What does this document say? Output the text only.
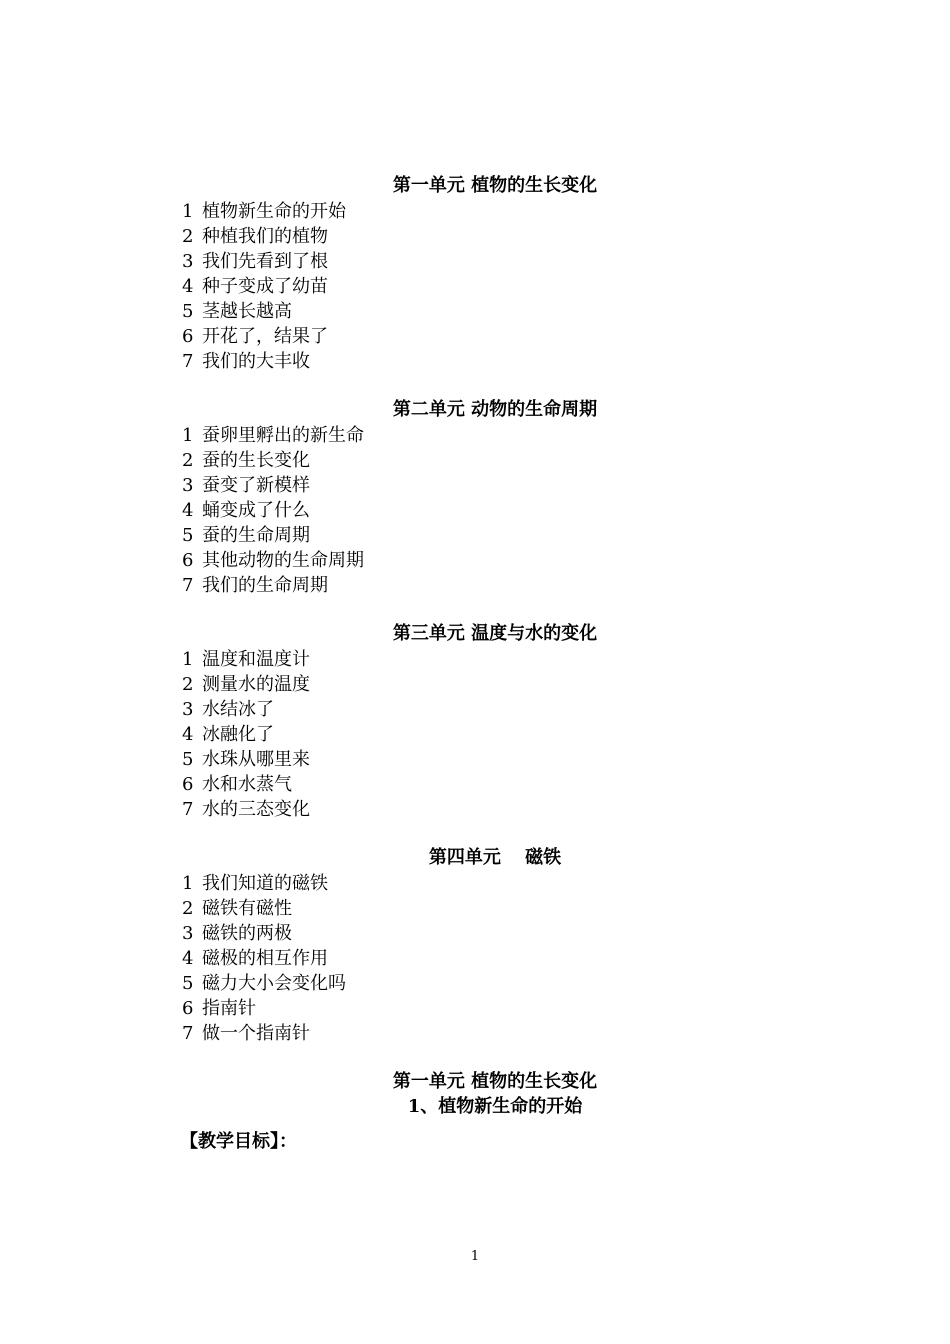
第一单元 植物的生长变化
1 植物新生命的开始
2 种植我们的植物
3 我们先看到了根
4 种子变成了幼苗
5 茎越长越高
6 开花了，结果了
7 我们的大丰收
第二单元 动物的生命周期
1 蚕卵里孵出的新生命
2 蚕的生长变化
3 蚕变了新模样
4 蛹变成了什么
5 蚕的生命周期
6 其他动物的生命周期
7 我们的生命周期
第三单元 温度与水的变化
1 温度和温度计
2 测量水的温度
3 水结冰了
4 冰融化了
5 水珠从哪里来
6 水和水蒸气
7 水的三态变化
第四单元　 磁铁
1 我们知道的磁铁
2 磁铁有磁性
3 磁铁的两极
4 磁极的相互作用
5 磁力大小会变化吗
6 指南针
7 做一个指南针
第一单元 植物的生长变化
1、植物新生命的开始
【教学目标】：
1
